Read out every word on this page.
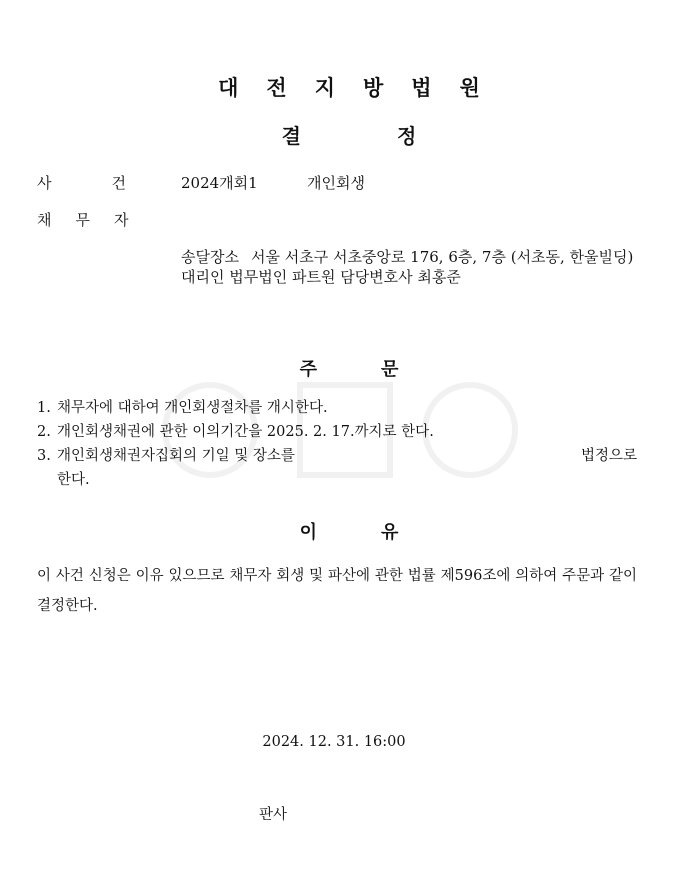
대전지방법원
결정
사건
2024개회1	개인회생
채무자
송달장소 서울 서초구 서초중앙로 176, 6층, 7층 (서초동, 한울빌딩)
대리인 법무법인 파트원 담당변호사 최홍준
주문
1. 채무자에 대하여 개인회생절차를 개시한다.
2. 개인회생채권에 관한 이의기간을 2025. 2. 17.까지로 한다.
3. 개인회생채권자집회의 기일 및 장소를	법정으로
한다.
이유
이 사건 신청은 이유 있으므로 채무자 회생 및 파산에 관한 법률 제596조에 의하여 주문과 같이 결정한다.
2024. 12. 31. 16:00
판사
